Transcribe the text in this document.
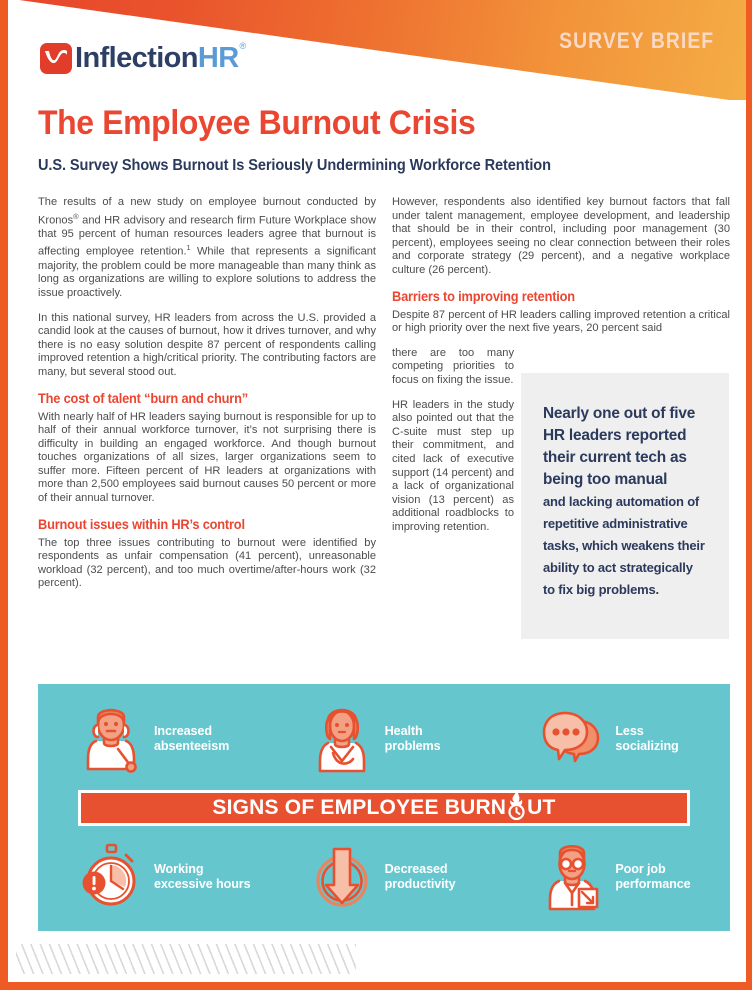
SURVEY BRIEF
InflectionHR ®
The Employee Burnout Crisis
U.S. Survey Shows Burnout Is Seriously Undermining Workforce Retention

The results of a new study on employee burnout conducted by Kronos® and HR advisory and research firm Future Workplace show that 95 percent of human resources leaders agree that burnout is affecting employee retention.$^1$ While that represents a significant majority, the problem could be more manageable than many think as long as organizations are willing to explore solutions to address the issue proactively.

In this national survey, HR leaders from across the U.S. provided a candid look at the causes of burnout, how it drives turnover, and why there is no easy solution despite 87 percent of respondents calling improved retention a high/critical priority. The contributing factors are many, but several stood out.

The cost of talent “burn and churn”

With nearly half of HR leaders saying burnout is responsible for up to half of their annual workforce turnover, it’s not surprising there is difficulty in building an engaged workforce. And though burnout touches organizations of all sizes, larger organizations seem to suffer more. Fifteen percent of HR leaders at organizations with more than 2,500 employees said burnout causes 50 percent or more of their annual turnover.

Burnout issues within HR’s control

The top three issues contributing to burnout were identified by respondents as unfair compensation (41 percent), unreasonable workload (32 percent), and too much overtime/after-hours work (32 percent).

However, respondents also identified key burnout factors that fall under talent management, employee development, and leadership that should be in their control, including poor management (30 percent), employees seeing no clear connection between their roles and corporate strategy (29 percent), and a negative workplace culture (26 percent).

Barriers to improving retention

Despite 87 percent of HR leaders calling improved retention a critical or high priority over the next five years, 20 percent said

there are too many competing priorities to focus on fixing the issue.

HR leaders in the study also pointed out that the C-suite must step up their commitment, and cited lack of executive support (14 percent) and a lack of organizational vision (13 percent) as additional roadblocks to improving retention.

Nearly one out of five HR leaders reported their current tech as being too manual

and lacking automation of repetitive administrative tasks, which weakens their ability to act strategically to fix big problems.

Increased
absenteeism
Health
problems
Less
socializing
SIGNS OF EMPLOYEE BURN UT
Working
excessive hours
Decreased
productivity
Poor job
performance
